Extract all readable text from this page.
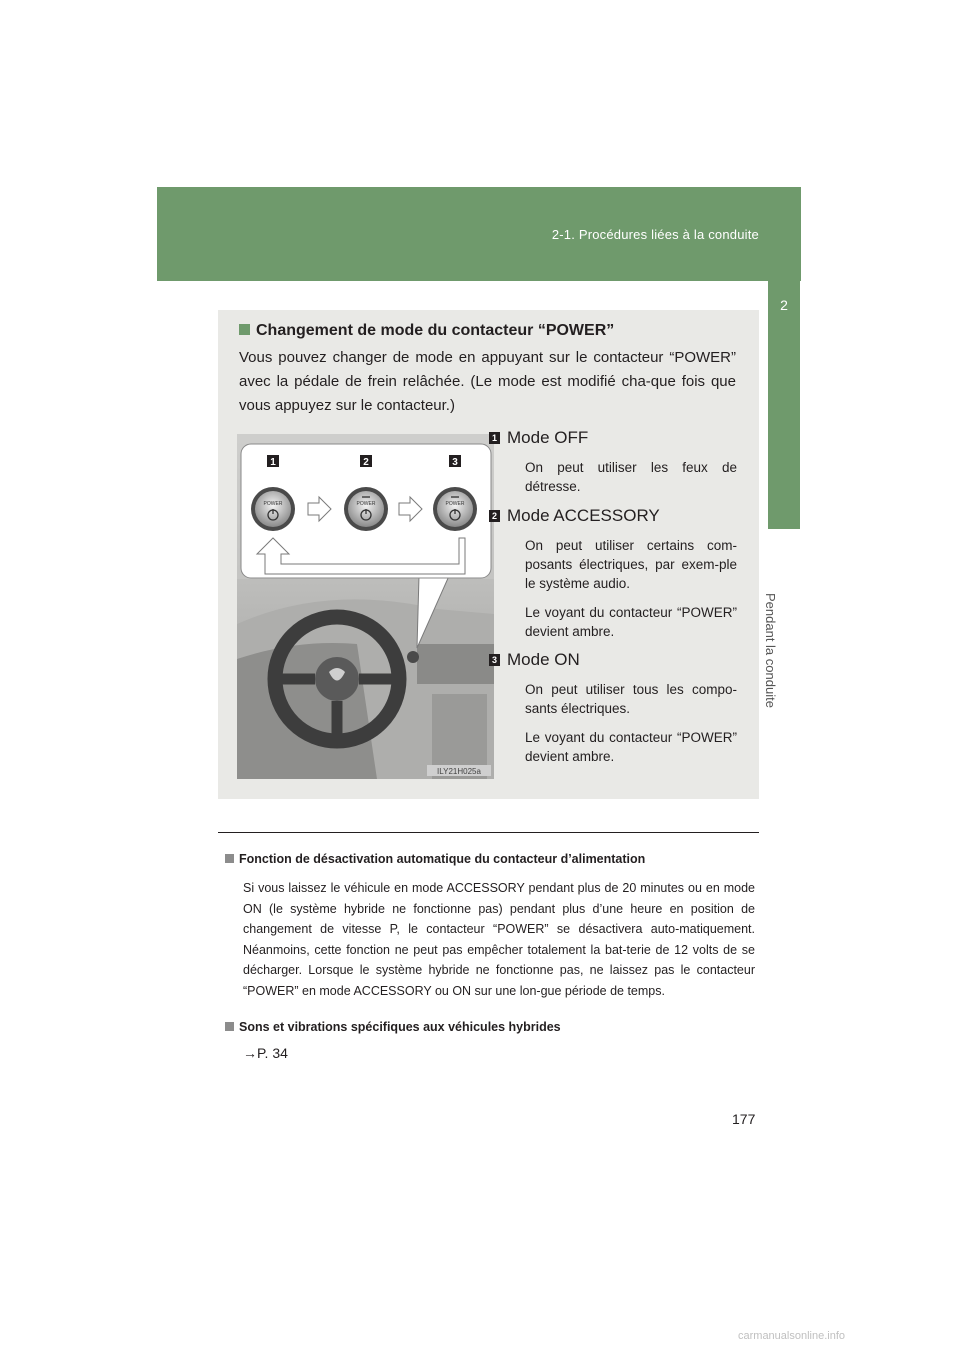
2-1. Procédures liées à la conduite
2
Pendant la conduite
Changement de mode du contacteur “POWER”
Vous pouvez changer de mode en appuyant sur le contacteur “POWER” avec la pédale de frein relâchée. (Le mode est modifié cha-que fois que vous appuyez sur le contacteur.)
1	2	3
POWER	POWER	POWER
ILY21H025a
1 Mode OFF
On peut utiliser les feux de détresse.
2 Mode ACCESSORY
On peut utiliser certains com-posants électriques, par exem-ple le système audio.
Le voyant du contacteur “POWER” devient ambre.
3 Mode ON
On peut utiliser tous les compo-sants électriques.
Le voyant du contacteur “POWER” devient ambre.
Fonction de désactivation automatique du contacteur d’alimentation
Si vous laissez le véhicule en mode ACCESSORY pendant plus de 20 minutes ou en mode ON (le système hybride ne fonctionne pas) pendant plus d’une heure en position de changement de vitesse P, le contacteur “POWER” se désactivera auto-matiquement. Néanmoins, cette fonction ne peut pas empêcher totalement la bat-terie de 12 volts de se décharger. Lorsque le système hybride ne fonctionne pas, ne laissez pas le contacteur “POWER” en mode ACCESSORY ou ON sur une lon-gue période de temps.
Sons et vibrations spécifiques aux véhicules hybrides
→P. 34
177
carmanualsonline.info
